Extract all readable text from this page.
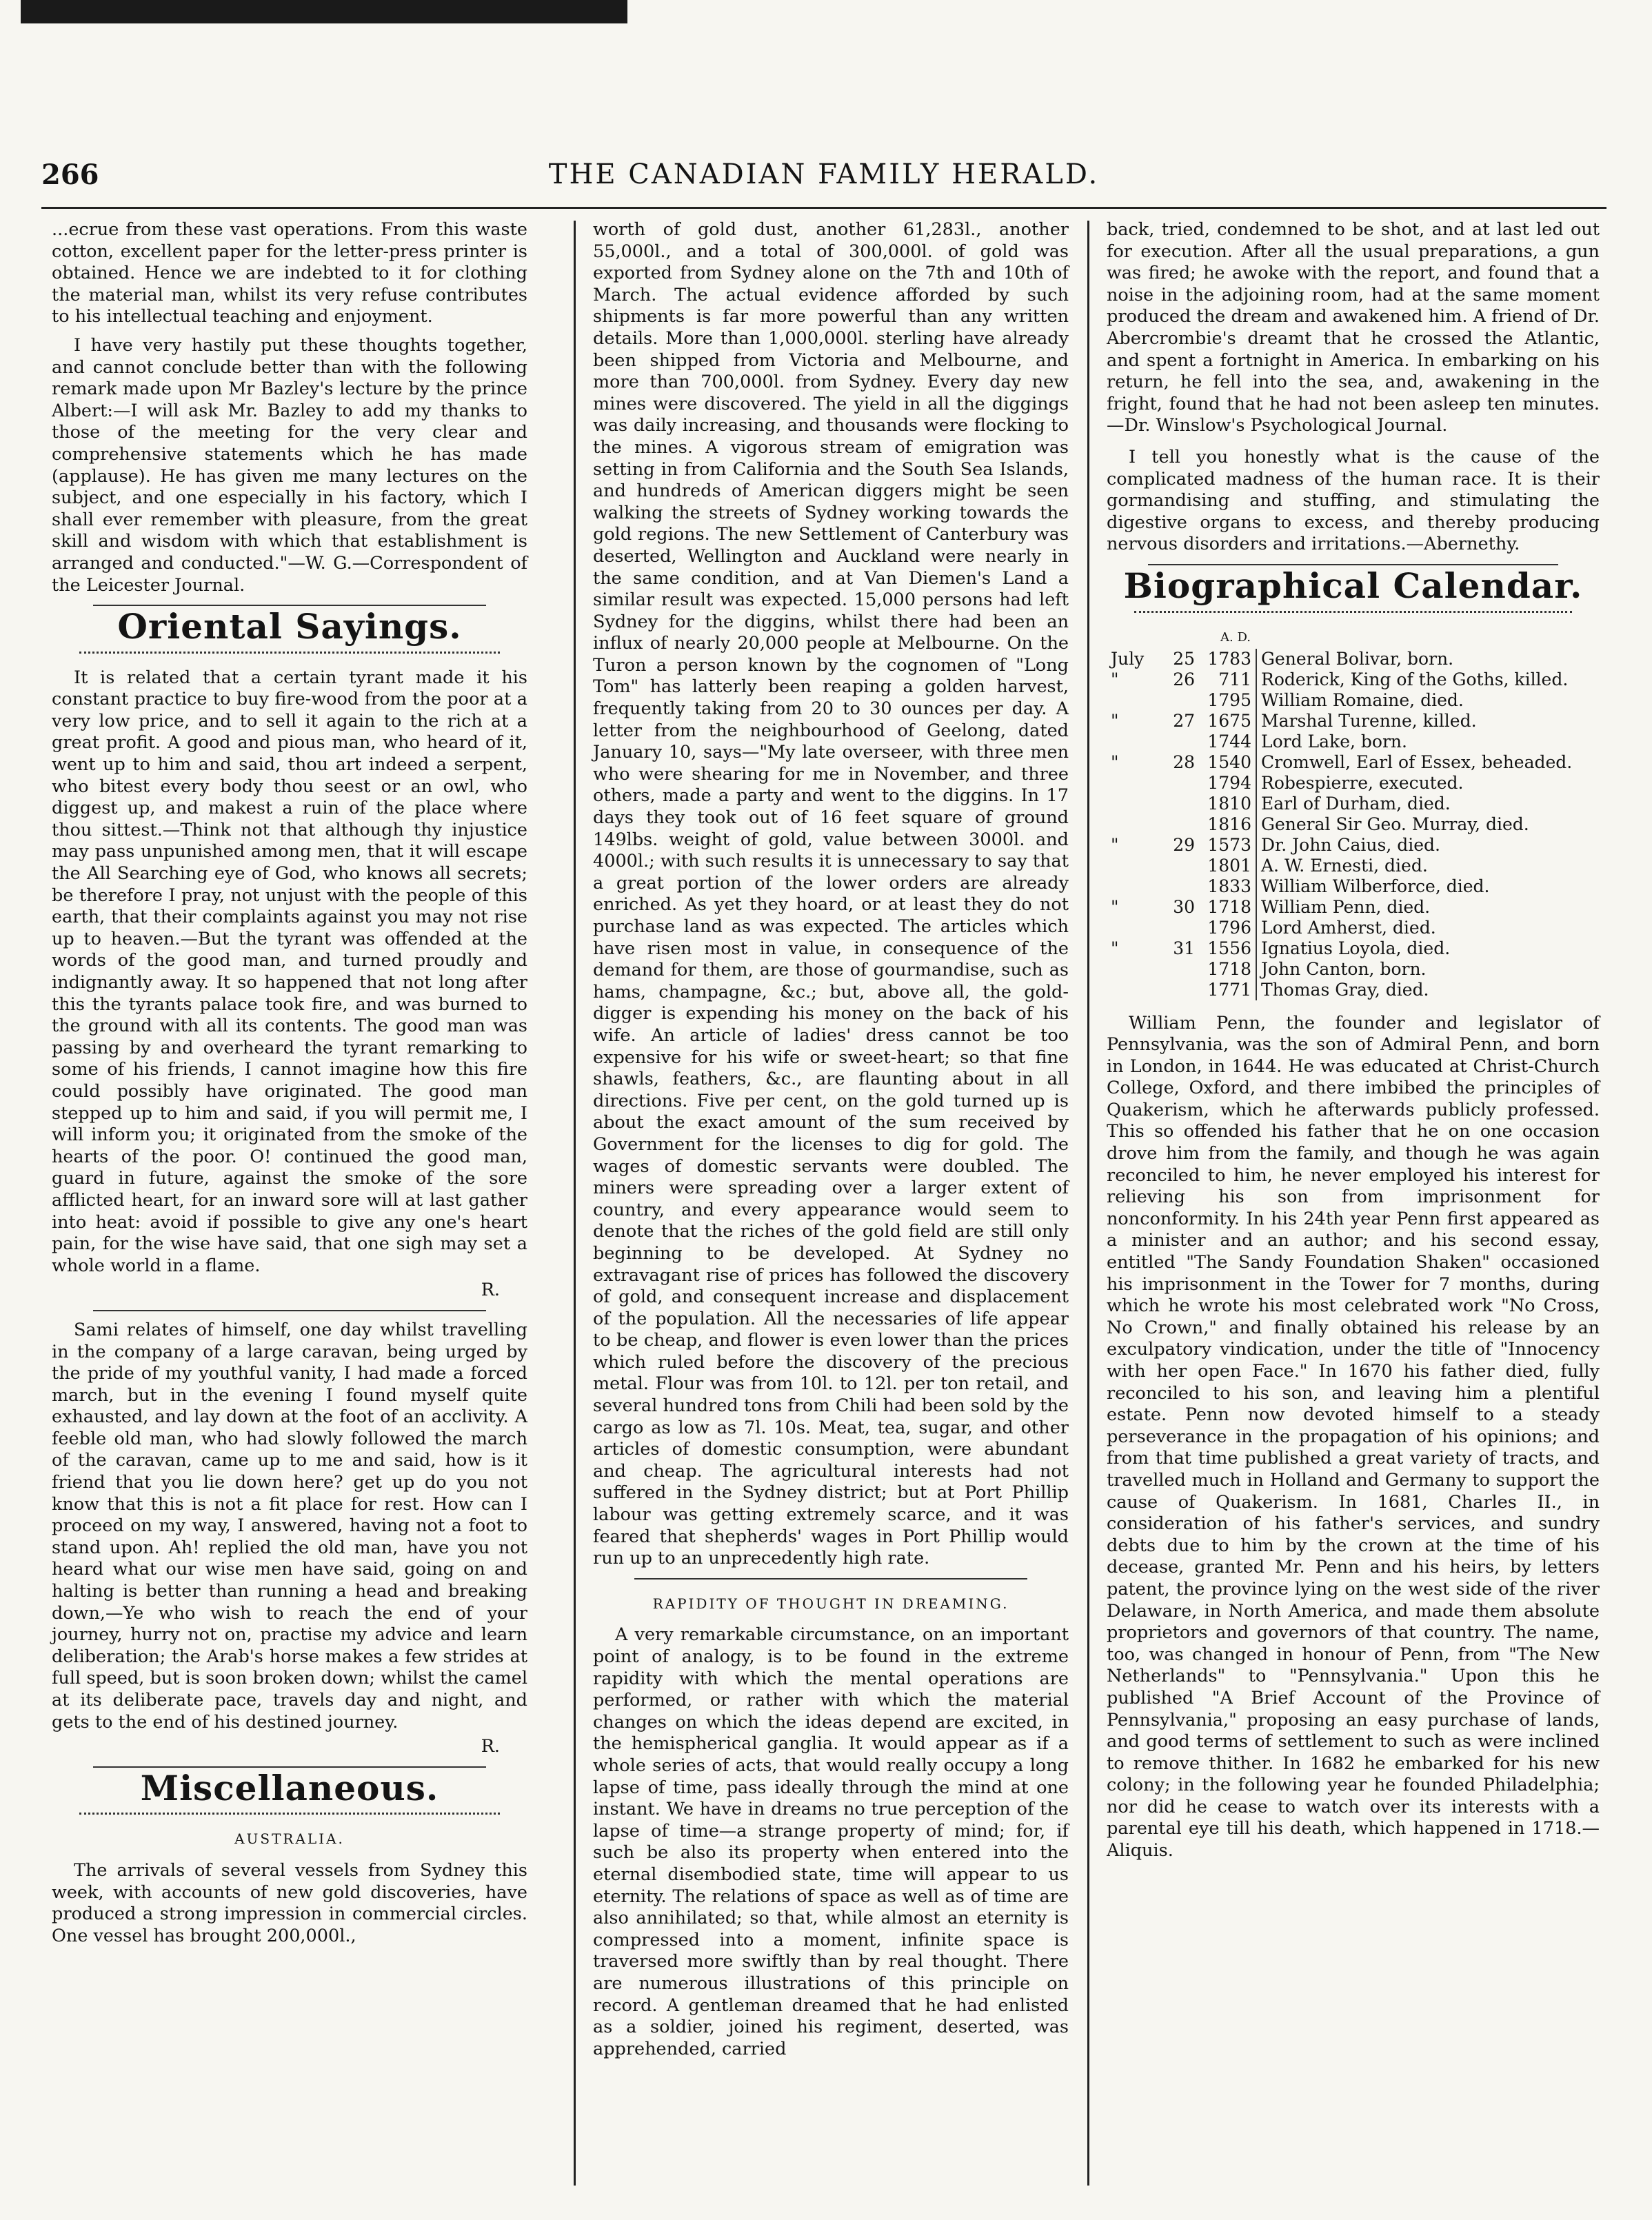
266	THE CANADIAN FAMILY HERALD.

...ecrue from these vast operations. From this waste cotton, excellent paper for the letter-press printer is obtained. Hence we are indebted to it for clothing the material man, whilst its very refuse contributes to his intellectual teaching and enjoyment.

I have very hastily put these thoughts together, and cannot conclude better than with the following remark made upon Mr Bazley's lecture by the prince Albert:—I will ask Mr. Bazley to add my thanks to those of the meeting for the very clear and comprehensive statements which he has made (applause). He has given me many lectures on the subject, and one especially in his factory, which I shall ever remember with pleasure, from the great skill and wisdom with which that establishment is arranged and conducted."—W. G.—Correspondent of the Leicester Journal.

Oriental Sayings.

It is related that a certain tyrant made it his constant practice to buy fire-wood from the poor at a very low price, and to sell it again to the rich at a great profit. A good and pious man, who heard of it, went up to him and said, thou art indeed a serpent, who bitest every body thou seest or an owl, who diggest up, and makest a ruin of the place where thou sittest.—Think not that although thy injustice may pass unpunished among men, that it will escape the All Searching eye of God, who knows all secrets; be therefore I pray, not unjust with the people of this earth, that their complaints against you may not rise up to heaven.—But the tyrant was offended at the words of the good man, and turned proudly and indignantly away. It so happened that not long after this the tyrants palace took fire, and was burned to the ground with all its contents. The good man was passing by and overheard the tyrant remarking to some of his friends, I cannot imagine how this fire could possibly have originated. The good man stepped up to him and said, if you will permit me, I will inform you; it originated from the smoke of the hearts of the poor. O! continued the good man, guard in future, against the smoke of the sore afflicted heart, for an inward sore will at last gather into heat: avoid if possible to give any one's heart pain, for the wise have said, that one sigh may set a whole world in a flame.

R.

Sami relates of himself, one day whilst travelling in the company of a large caravan, being urged by the pride of my youthful vanity, I had made a forced march, but in the evening I found myself quite exhausted, and lay down at the foot of an acclivity. A feeble old man, who had slowly followed the march of the caravan, came up to me and said, how is it friend that you lie down here? get up do you not know that this is not a fit place for rest. How can I proceed on my way, I answered, having not a foot to stand upon. Ah! replied the old man, have you not heard what our wise men have said, going on and halting is better than running a head and breaking down,—Ye who wish to reach the end of your journey, hurry not on, practise my advice and learn deliberation; the Arab's horse makes a few strides at full speed, but is soon broken down; whilst the camel at its deliberate pace, travels day and night, and gets to the end of his destined journey.

R.
Miscellaneous.
AUSTRALIA.

The arrivals of several vessels from Sydney this week, with accounts of new gold discoveries, have produced a strong impression in commercial circles. One vessel has brought 200,000l.,

worth of gold dust, another 61,283l., another 55,000l., and a total of 300,000l. of gold was exported from Sydney alone on the 7th and 10th of March. The actual evidence afforded by such shipments is far more powerful than any written details. More than 1,000,000l. sterling have already been shipped from Victoria and Melbourne, and more than 700,000l. from Sydney. Every day new mines were discovered. The yield in all the diggings was daily increasing, and thousands were flocking to the mines. A vigorous stream of emigration was setting in from California and the South Sea Islands, and hundreds of American diggers might be seen walking the streets of Sydney working towards the gold regions. The new Settlement of Canterbury was deserted, Wellington and Auckland were nearly in the same condition, and at Van Diemen's Land a similar result was expected. 15,000 persons had left Sydney for the diggins, whilst there had been an influx of nearly 20,000 people at Melbourne. On the Turon a person known by the cognomen of "Long Tom" has latterly been reaping a golden harvest, frequently taking from 20 to 30 ounces per day. A letter from the neighbourhood of Geelong, dated January 10, says—"My late overseer, with three men who were shearing for me in November, and three others, made a party and went to the diggins. In 17 days they took out of 16 feet square of ground 149lbs. weight of gold, value between 3000l. and 4000l.; with such results it is unnecessary to say that a great portion of the lower orders are already enriched. As yet they hoard, or at least they do not purchase land as was expected. The articles which have risen most in value, in consequence of the demand for them, are those of gourmandise, such as hams, champagne, &c.; but, above all, the gold-digger is expending his money on the back of his wife. An article of ladies' dress cannot be too expensive for his wife or sweet-heart; so that fine shawls, feathers, &c., are flaunting about in all directions. Five per cent, on the gold turned up is about the exact amount of the sum received by Government for the licenses to dig for gold. The wages of domestic servants were doubled. The miners were spreading over a larger extent of country, and every appearance would seem to denote that the riches of the gold field are still only beginning to be developed. At Sydney no extravagant rise of prices has followed the discovery of gold, and consequent increase and displacement of the population. All the necessaries of life appear to be cheap, and flower is even lower than the prices which ruled before the discovery of the precious metal. Flour was from 10l. to 12l. per ton retail, and several hundred tons from Chili had been sold by the cargo as low as 7l. 10s. Meat, tea, sugar, and other articles of domestic consumption, were abundant and cheap. The agricultural interests had not suffered in the Sydney district; but at Port Phillip labour was getting extremely scarce, and it was feared that shepherds' wages in Port Phillip would run up to an unprecedently high rate.

RAPIDITY OF THOUGHT IN DREAMING.

A very remarkable circumstance, on an important point of analogy, is to be found in the extreme rapidity with which the mental operations are performed, or rather with which the material changes on which the ideas depend are excited, in the hemispherical ganglia. It would appear as if a whole series of acts, that would really occupy a long lapse of time, pass ideally through the mind at one instant. We have in dreams no true perception of the lapse of time—a strange property of mind; for, if such be also its property when entered into the eternal disembodied state, time will appear to us eternity. The relations of space as well as of time are also annihilated; so that, while almost an eternity is compressed into a moment, infinite space is traversed more swiftly than by real thought. There are numerous illustrations of this principle on record. A gentleman dreamed that he had enlisted as a soldier, joined his regiment, deserted, was apprehended, carried

back, tried, condemned to be shot, and at last led out for execution. After all the usual preparations, a gun was fired; he awoke with the report, and found that a noise in the adjoining room, had at the same moment produced the dream and awakened him. A friend of Dr. Abercrombie's dreamt that he crossed the Atlantic, and spent a fortnight in America. In embarking on his return, he fell into the sea, and, awakening in the fright, found that he had not been asleep ten minutes.—Dr. Winslow's Psychological Journal.

I tell you honestly what is the cause of the complicated madness of the human race. It is their gormandising and stuffing, and stimulating the digestive organs to excess, and thereby producing nervous disorders and irritations.—Abernethy.

Biographical Calendar.
A. D.			
July	25	1783	General Bolivar, born.
"	26	711	Roderick, King of the Goths, killed.
		1795	William Romaine, died.
"	27	1675	Marshal Turenne, killed.
		1744	Lord Lake, born.
"	28	1540	Cromwell, Earl of Essex, beheaded.
		1794	Robespierre, executed.
		1810	Earl of Durham, died.
		1816	General Sir Geo. Murray, died.
"	29	1573	Dr. John Caius, died.
		1801	A. W. Ernesti, died.
		1833	William Wilberforce, died.
"	30	1718	William Penn, died.
		1796	Lord Amherst, died.
"	31	1556	Ignatius Loyola, died.
		1718	John Canton, born.
		1771	Thomas Gray, died.

William Penn, the founder and legislator of Pennsylvania, was the son of Admiral Penn, and born in London, in 1644. He was educated at Christ-Church College, Oxford, and there imbibed the principles of Quakerism, which he afterwards publicly professed. This so offended his father that he on one occasion drove him from the family, and though he was again reconciled to him, he never employed his interest for relieving his son from imprisonment for nonconformity. In his 24th year Penn first appeared as a minister and an author; and his second essay, entitled "The Sandy Foundation Shaken" occasioned his imprisonment in the Tower for 7 months, during which he wrote his most celebrated work "No Cross, No Crown," and finally obtained his release by an exculpatory vindication, under the title of "Innocency with her open Face." In 1670 his father died, fully reconciled to his son, and leaving him a plentiful estate. Penn now devoted himself to a steady perseverance in the propagation of his opinions; and from that time published a great variety of tracts, and travelled much in Holland and Germany to support the cause of Quakerism. In 1681, Charles II., in consideration of his father's services, and sundry debts due to him by the crown at the time of his decease, granted Mr. Penn and his heirs, by letters patent, the province lying on the west side of the river Delaware, in North America, and made them absolute proprietors and governors of that country. The name, too, was changed in honour of Penn, from "The New Netherlands" to "Pennsylvania." Upon this he published "A Brief Account of the Province of Pennsylvania," proposing an easy purchase of lands, and good terms of settlement to such as were inclined to remove thither. In 1682 he embarked for his new colony; in the following year he founded Philadelphia; nor did he cease to watch over its interests with a parental eye till his death, which happened in 1718.—Aliquis.
